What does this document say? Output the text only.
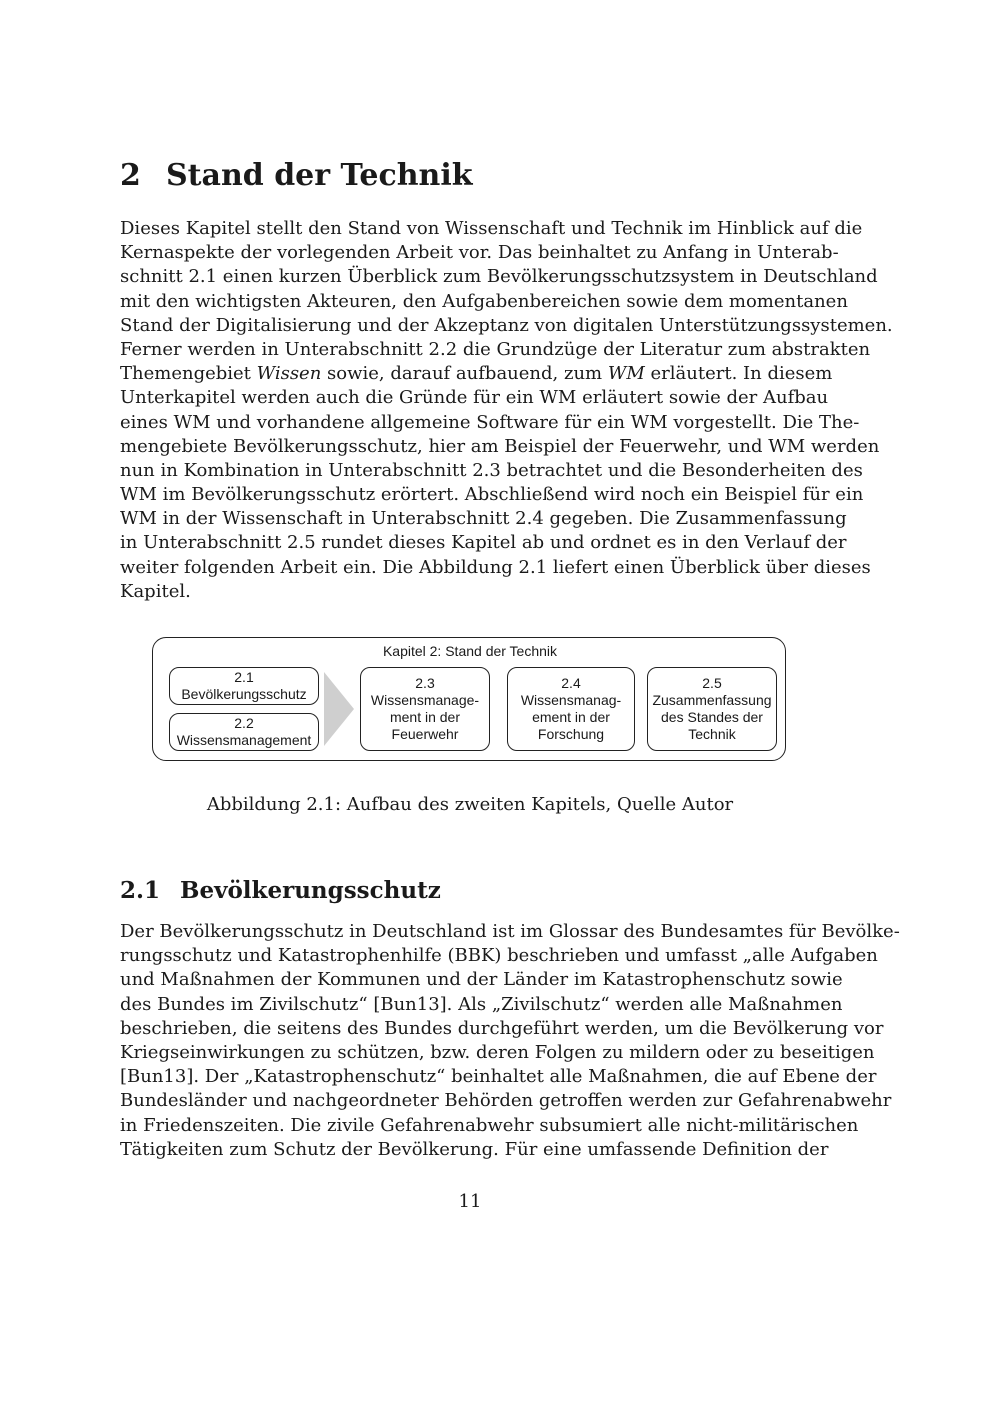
2 Stand der Technik
Dieses Kapitel stellt den Stand von Wissenschaft und Technik im Hinblick auf die
Kernaspekte der vorlegenden Arbeit vor. Das beinhaltet zu Anfang in Unterab-
schnitt 2.1 einen kurzen Überblick zum Bevölkerungsschutzsystem in Deutschland
mit den wichtigsten Akteuren, den Aufgabenbereichen sowie dem momentanen
Stand der Digitalisierung und der Akzeptanz von digitalen Unterstützungssystemen.
Ferner werden in Unterabschnitt 2.2 die Grundzüge der Literatur zum abstrakten
Themengebiet Wissen sowie, darauf aufbauend, zum WM erläutert. In diesem
Unterkapitel werden auch die Gründe für ein WM erläutert sowie der Aufbau
eines WM und vorhandene allgemeine Software für ein WM vorgestellt. Die The-
mengebiete Bevölkerungsschutz, hier am Beispiel der Feuerwehr, und WM werden
nun in Kombination in Unterabschnitt 2.3 betrachtet und die Besonderheiten des
WM im Bevölkerungsschutz erörtert. Abschließend wird noch ein Beispiel für ein
WM in der Wissenschaft in Unterabschnitt 2.4 gegeben. Die Zusammenfassung
in Unterabschnitt 2.5 rundet dieses Kapitel ab und ordnet es in den Verlauf der
weiter folgenden Arbeit ein. Die Abbildung 2.1 liefert einen Überblick über dieses
Kapitel.
Kapitel 2: Stand der Technik
2.1
Bevölkerungsschutz
2.2
Wissensmanagement
2.3
Wissensmanage-
ment in der
Feuerwehr
2.4
Wissensmanag-
ement in der
Forschung
2.5
Zusammenfassung
des Standes der
Technik
Abbildung 2.1: Aufbau des zweiten Kapitels, Quelle Autor
2.1 Bevölkerungsschutz
Der Bevölkerungsschutz in Deutschland ist im Glossar des Bundesamtes für Bevölke-
rungsschutz und Katastrophenhilfe (BBK) beschrieben und umfasst „alle Aufgaben
und Maßnahmen der Kommunen und der Länder im Katastrophenschutz sowie
des Bundes im Zivilschutz“ [Bun13]. Als „Zivilschutz“ werden alle Maßnahmen
beschrieben, die seitens des Bundes durchgeführt werden, um die Bevölkerung vor
Kriegseinwirkungen zu schützen, bzw. deren Folgen zu mildern oder zu beseitigen
[Bun13]. Der „Katastrophenschutz“ beinhaltet alle Maßnahmen, die auf Ebene der
Bundesländer und nachgeordneter Behörden getroffen werden zur Gefahrenabwehr
in Friedenszeiten. Die zivile Gefahrenabwehr subsumiert alle nicht-militärischen
Tätigkeiten zum Schutz der Bevölkerung. Für eine umfassende Definition der
11
